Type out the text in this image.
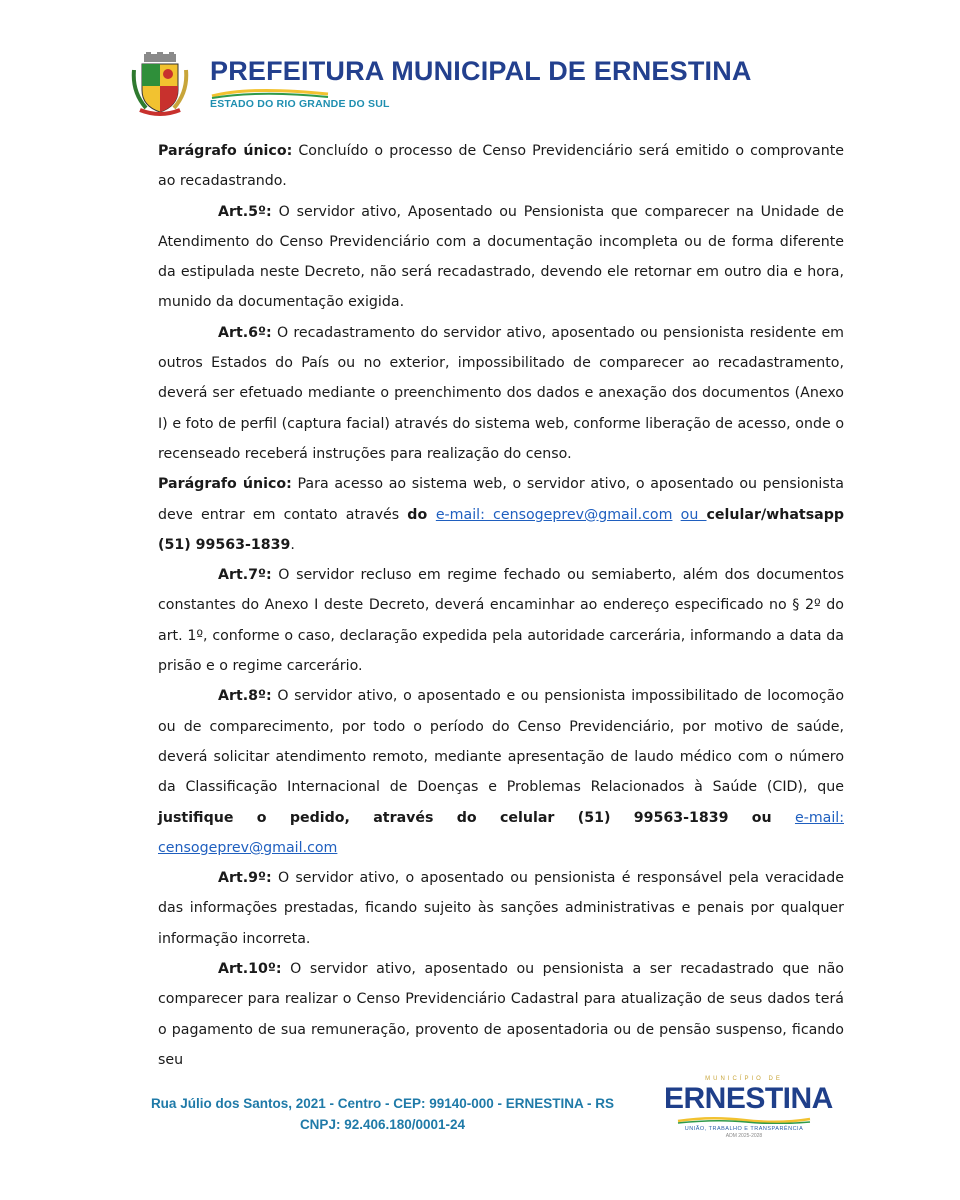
PREFEITURA MUNICIPAL DE ERNESTINA
ESTADO DO RIO GRANDE DO SUL

Parágrafo único: Concluído o processo de Censo Previdenciário será emitido o comprovante ao recadastrando.

Art.5º: O servidor ativo, Aposentado ou Pensionista que comparecer na Unidade de Atendimento do Censo Previdenciário com a documentação incompleta ou de forma diferente da estipulada neste Decreto, não será recadastrado, devendo ele retornar em outro dia e hora, munido da documentação exigida.

Art.6º: O recadastramento do servidor ativo, aposentado ou pensionista residente em outros Estados do País ou no exterior, impossibilitado de comparecer ao recadastramento, deverá ser efetuado mediante o preenchimento dos dados e anexação dos documentos (Anexo I) e foto de perfil (captura facial) através do sistema web, conforme liberação de acesso, onde o recenseado receberá instruções para realização do censo.

Parágrafo único: Para acesso ao sistema web, o servidor ativo, o aposentado ou pensionista deve entrar em contato através do e-mail: censogeprev@gmail.com ou celular/whatsapp (51) 99563-1839.

Art.7º: O servidor recluso em regime fechado ou semiaberto, além dos documentos constantes do Anexo I deste Decreto, deverá encaminhar ao endereço especificado no § 2º do art. 1º, conforme o caso, declaração expedida pela autoridade carcerária, informando a data da prisão e o regime carcerário.

Art.8º: O servidor ativo, o aposentado e ou pensionista impossibilitado de locomoção ou de comparecimento, por todo o período do Censo Previdenciário, por motivo de saúde, deverá solicitar atendimento remoto, mediante apresentação de laudo médico com o número da Classificação Internacional de Doenças e Problemas Relacionados à Saúde (CID), que justifique o pedido, através do celular (51) 99563-1839 ou e-mail: censogeprev@gmail.com

Art.9º: O servidor ativo, o aposentado ou pensionista é responsável pela veracidade das informações prestadas, ficando sujeito às sanções administrativas e penais por qualquer informação incorreta.

Art.10º: O servidor ativo, aposentado ou pensionista a ser recadastrado que não comparecer para realizar o Censo Previdenciário Cadastral para atualização de seus dados terá o pagamento de sua remuneração, provento de aposentadoria ou de pensão suspenso, ficando seu

Rua Júlio dos Santos, 2021 - Centro - CEP: 99140-000 - ERNESTINA - RS
CNPJ: 92.406.180/0001-24
MUNICÍPIO DE
ERNESTINA
UNIÃO, TRABALHO E TRANSPARÊNCIA
ADM 2025-2028
